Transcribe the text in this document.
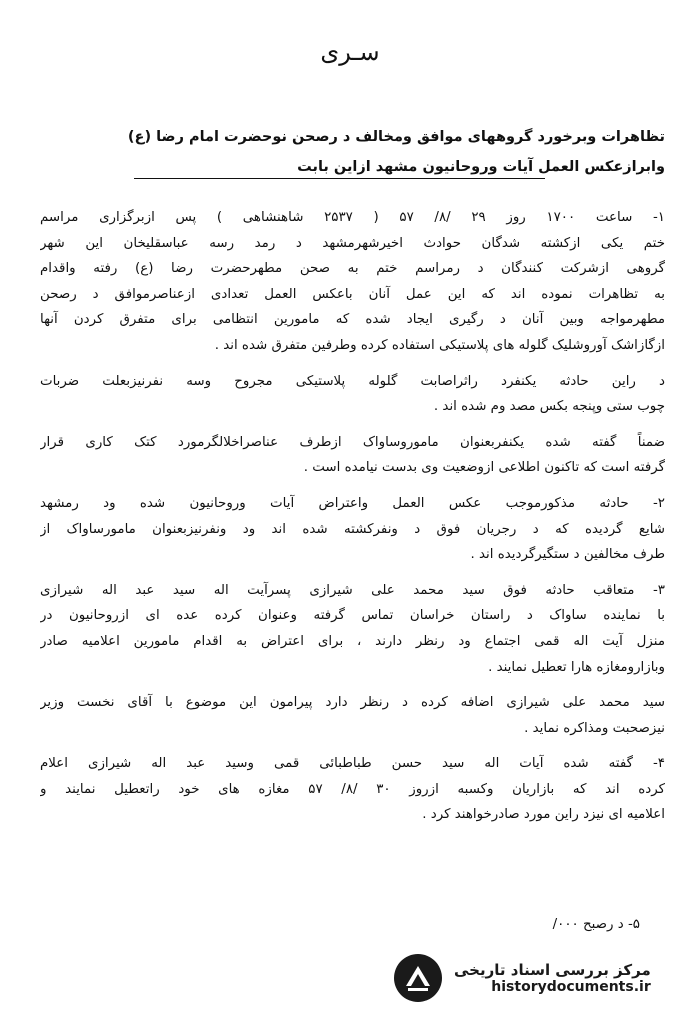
سـری
تظاهرات وبرخورد گروههای موافق ومخالف د رصحن نوحضرت امام رضا (ع)
وابرازعکس العمل آیات وروحانیون مشهد ازاین بابت
۱- ساعت ۱۷۰۰ روز ۲۹ /۸/ ۵۷ ( ۲۵۳۷ شاهنشاهی ) پس ازبرگزاری مراسم
ختم یکی ازکشته شدگان حوادث اخیرشهرمشهد د رمد رسه عباسقلیخان این شهر
گروهی ازشرکت کنندگان د رمراسم ختم به صحن مطهرحضرت رضا (ع) رفته واقدام
به تظاهرات نموده اند که این عمل آنان باعکس العمل تعدادی ازعناصرموافق د رصحن
مطهرمواجه وبین آنان د رگیری ایجاد شده که مامورین انتظامی برای متفرق کردن آنها
ازگازاشک آوروشلیک گلوله های پلاستیکی استفاده کرده وطرفین متفرق شده اند .
د راین حادثه یکنفرد راثراصابت گلوله پلاستیکی مجروح وسه نفرنیزبعلت ضربات
چوب ستی وپنجه بکس مصد وم شده اند .
ضمناً گفته شده یکنفربعنوان ماموروساواک ازطرف عناصراخلالگرمورد کتک کاری قرار
گرفته است که تاکنون اطلاعی ازوضعیت وی بدست نیامده است .
۲- حادثه مذکورموجب عکس العمل واعتراض آیات وروحانیون شده ود رمشهد
شایع گردیده که د رجریان فوق د ونفرکشته شده اند ود ونفرنیزبعنوان مامورساواک از
طرف مخالفین د ستگیرگردیده اند .
۳- متعاقب حادثه فوق سید محمد علی شیرازی پسرآیت اله سید عبد اله شیرازی
با نماینده ساواک د راستان خراسان تماس گرفته وعنوان کرده عده ای ازروحانیون در
منزل آیت اله قمی اجتماع ود رنظر دارند ، برای اعتراض به اقدام مامورین اعلامیه صادر
وبازارومغازه هارا تعطیل نمایند .
سید محمد علی شیرازی اضافه کرده د رنظر دارد پیرامون این موضوع با آقای نخست وزیر
نیزصحبت ومذاکره نماید .
۴- گفته شده آیات اله سید حسن طباطبائی قمی وسید عبد اله شیرازی اعلام
کرده اند که بازاریان وکسبه ازروز ۳۰ /۸/ ۵۷ مغازه های خود راتعطیل نمایند و
اعلامیه ای نیزد راین مورد صادرخواهند کرد .
۵- د رصبح ۰۰۰/
مرکز بررسی اسناد تاریخی
historydocuments.ir
